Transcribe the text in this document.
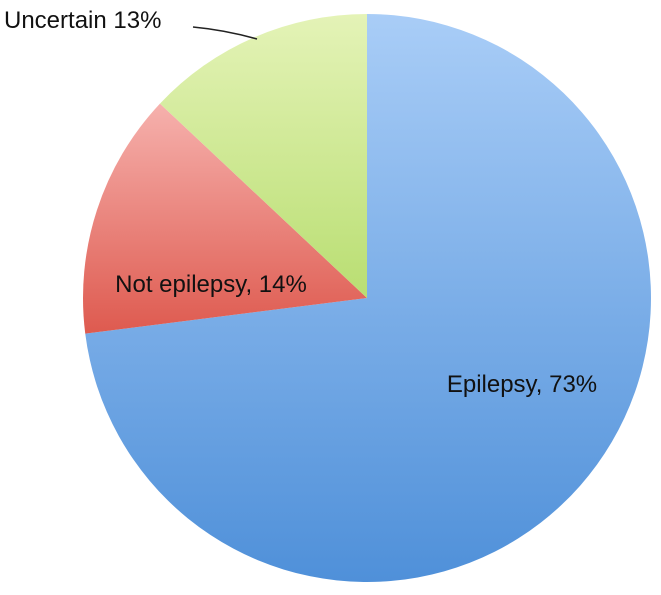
Epilepsy, 73%
Not epilepsy, 14%
Uncertain 13%
